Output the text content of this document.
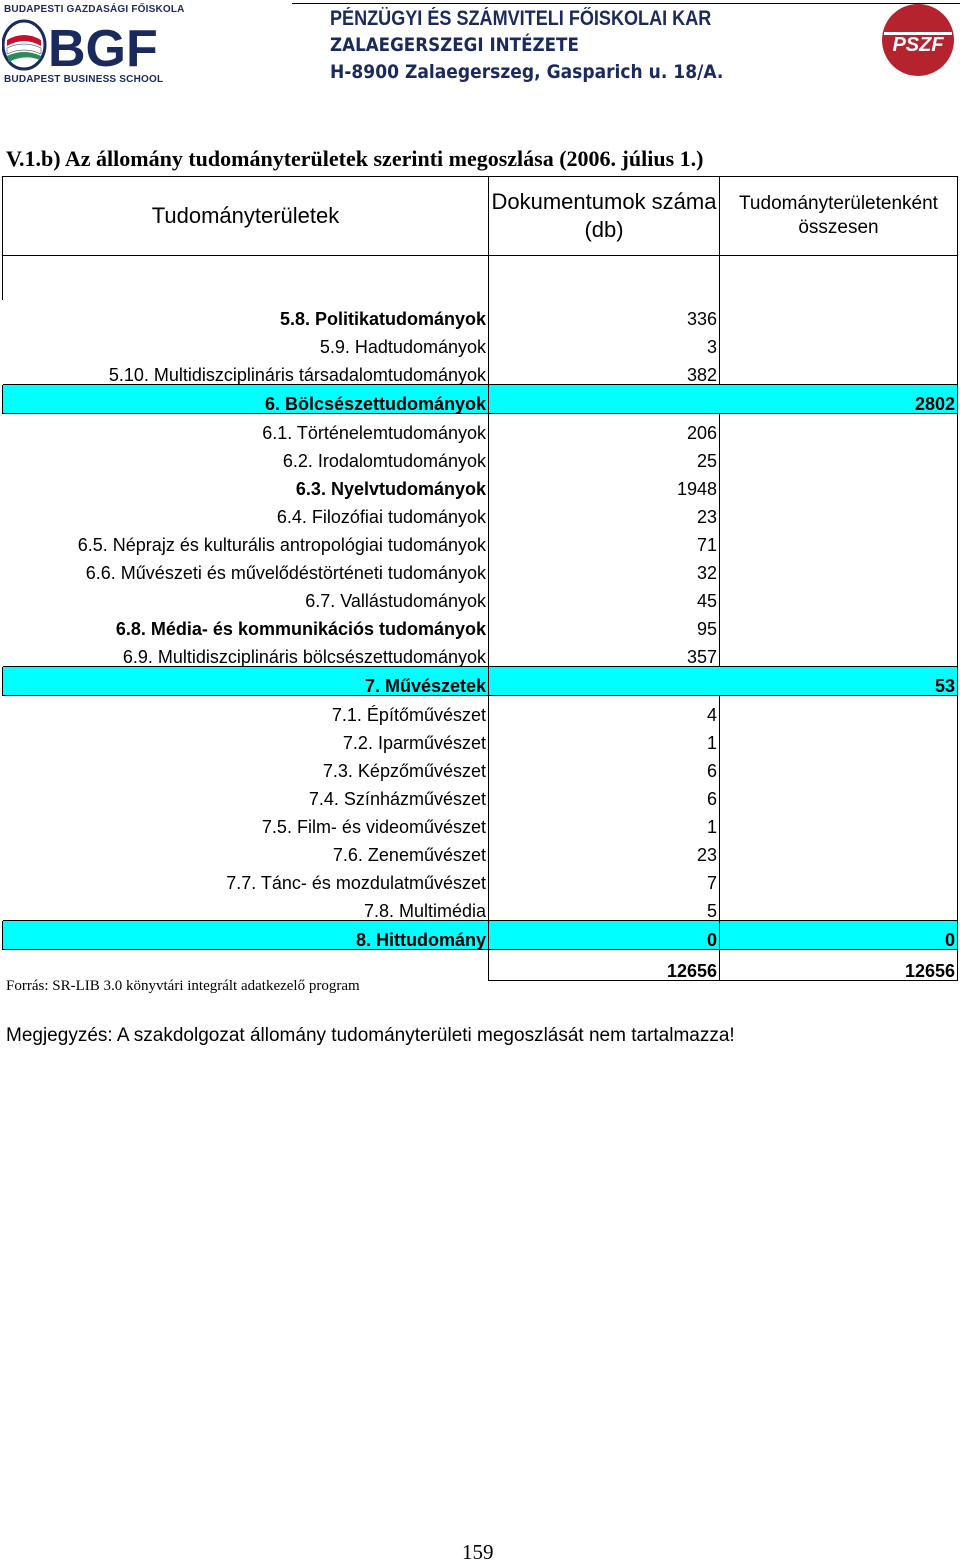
BUDAPESTI GAZDASÁGI FŐISKOLA
BGF
BUDAPEST BUSINESS SCHOOL
PÉNZÜGYI ÉS SZÁMVITELI FŐISKOLAI KAR
ZALAEGERSZEGI INTÉZETE
H-8900 Zalaegerszeg, Gasparich u. 18/A.
PSZF
V.1.b) Az állomány tudományterületek szerinti megoszlása (2006. július 1.)
Tudományterületek	Dokumentumok száma (db)	Tudományterületenként összesen

5.8. Politikatudományok	336	
5.9. Hadtudományok	3	
5.10. Multidiszciplináris társadalomtudományok	382	
6. Bölcsészettudományok		2802
6.1. Történelemtudományok	206	
6.2. Irodalomtudományok	25	
6.3. Nyelvtudományok	1948	
6.4. Filozófiai tudományok	23	
6.5. Néprajz és kulturális antropológiai tudományok	71	
6.6. Művészeti és művelődéstörténeti tudományok	32	
6.7. Vallástudományok	45	
6.8. Média- és kommunikációs tudományok	95	
6.9. Multidiszciplináris bölcsészettudományok	357	
7. Művészetek		53
7.1. Építőművészet	4	
7.2. Iparművészet	1	
7.3. Képzőművészet	6	
7.4. Színházművészet	6	
7.5. Film- és videoművészet	1	
7.6. Zeneművészet	23	
7.7. Tánc- és mozdulatművészet	7	
7.8. Multimédia	5	
8. Hittudomány	0	0
	12656	12656
Forrás: SR-LIB 3.0 könyvtári integrált adatkezelő program
Megjegyzés: A szakdolgozat állomány tudományterületi megoszlását nem tartalmazza!
159
